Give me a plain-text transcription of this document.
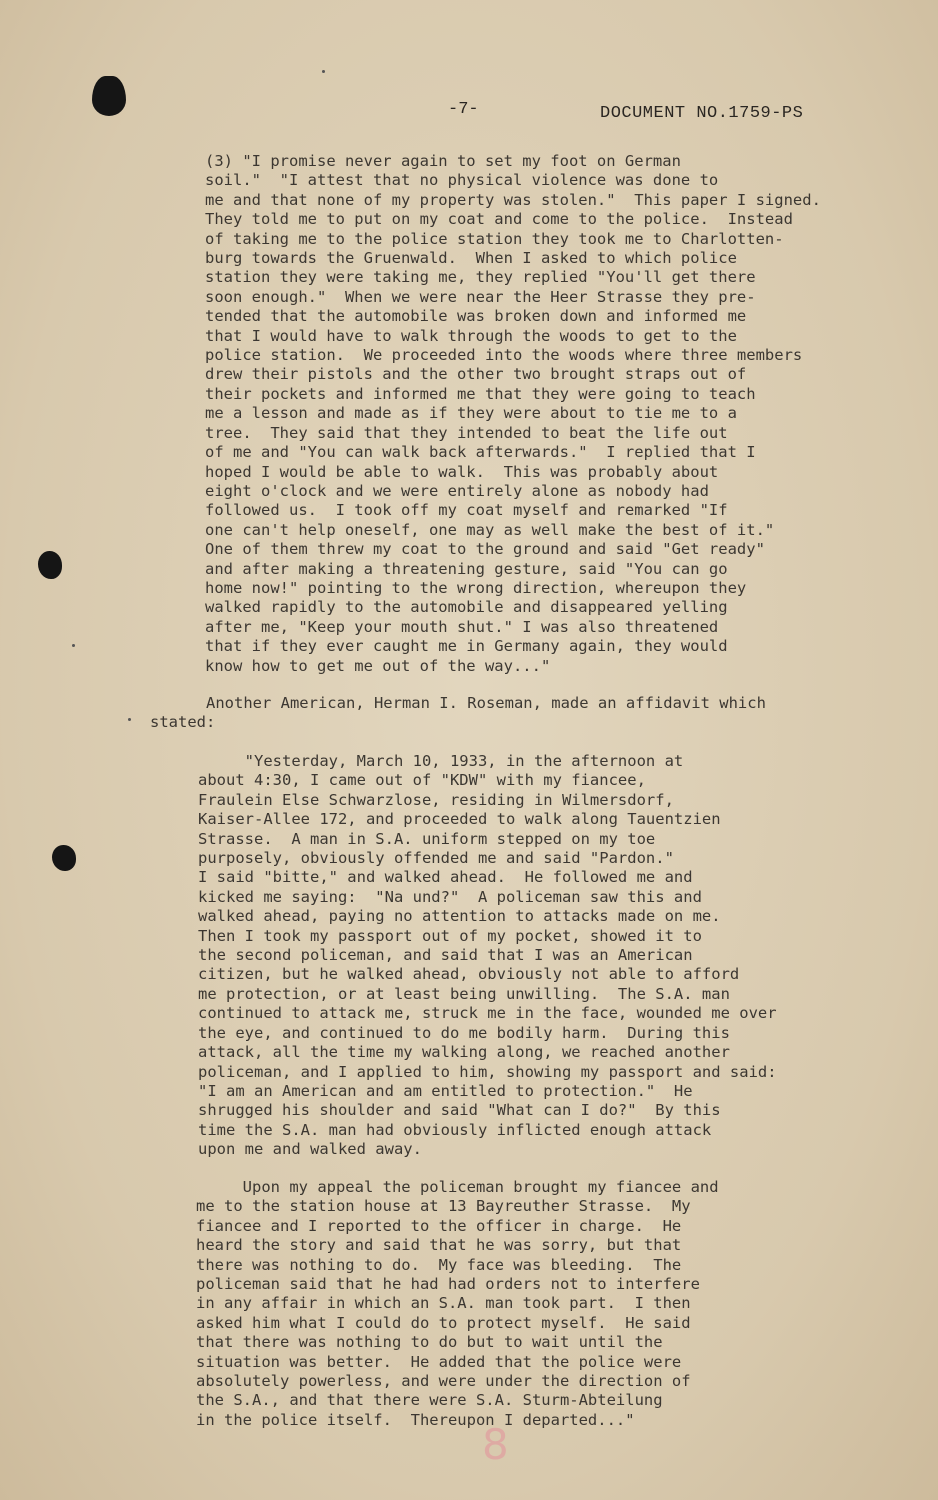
-7-	DOCUMENT NO.1759-PS
(3) "I promise never again to set my foot on German
soil."  "I attest that no physical violence was done to
me and that none of my property was stolen."  This paper I signed.
They told me to put on my coat and come to the police.  Instead
of taking me to the police station they took me to Charlotten-
burg towards the Gruenwald.  When I asked to which police
station they were taking me, they replied "You'll get there
soon enough."  When we were near the Heer Strasse they pre-
tended that the automobile was broken down and informed me
that I would have to walk through the woods to get to the
police station.  We proceeded into the woods where three members
drew their pistols and the other two brought straps out of
their pockets and informed me that they were going to teach
me a lesson and made as if they were about to tie me to a
tree.  They said that they intended to beat the life out
of me and "You can walk back afterwards."  I replied that I
hoped I would be able to walk.  This was probably about
eight o'clock and we were entirely alone as nobody had
followed us.  I took off my coat myself and remarked "If
one can't help oneself, one may as well make the best of it."
One of them threw my coat to the ground and said "Get ready"
and after making a threatening gesture, said "You can go
home now!" pointing to the wrong direction, whereupon they
walked rapidly to the automobile and disappeared yelling
after me, "Keep your mouth shut." I was also threatened
that if they ever caught me in Germany again, they would
know how to get me out of the way..."
Another American, Herman I. Roseman, made an affidavit which
stated:
"Yesterday, March 10, 1933, in the afternoon at
about 4:30, I came out of "KDW" with my fiancee,
Fraulein Else Schwarzlose, residing in Wilmersdorf,
Kaiser-Allee 172, and proceeded to walk along Tauentzien
Strasse.  A man in S.A. uniform stepped on my toe
purposely, obviously offended me and said "Pardon."
I said "bitte," and walked ahead.  He followed me and
kicked me saying:  "Na und?"  A policeman saw this and
walked ahead, paying no attention to attacks made on me.
Then I took my passport out of my pocket, showed it to
the second policeman, and said that I was an American
citizen, but he walked ahead, obviously not able to afford
me protection, or at least being unwilling.  The S.A. man
continued to attack me, struck me in the face, wounded me over
the eye, and continued to do me bodily harm.  During this
attack, all the time my walking along, we reached another
policeman, and I applied to him, showing my passport and said:
"I am an American and am entitled to protection."  He
shrugged his shoulder and said "What can I do?"  By this
time the S.A. man had obviously inflicted enough attack
upon me and walked away.
Upon my appeal the policeman brought my fiancee and
me to the station house at 13 Bayreuther Strasse.  My
fiancee and I reported to the officer in charge.  He
heard the story and said that he was sorry, but that
there was nothing to do.  My face was bleeding.  The
policeman said that he had had orders not to interfere
in any affair in which an S.A. man took part.  I then
asked him what I could do to protect myself.  He said
that there was nothing to do but to wait until the
situation was better.  He added that the police were
absolutely powerless, and were under the direction of
the S.A., and that there were S.A. Sturm-Abteilung
in the police itself.  Thereupon I departed..."
8
